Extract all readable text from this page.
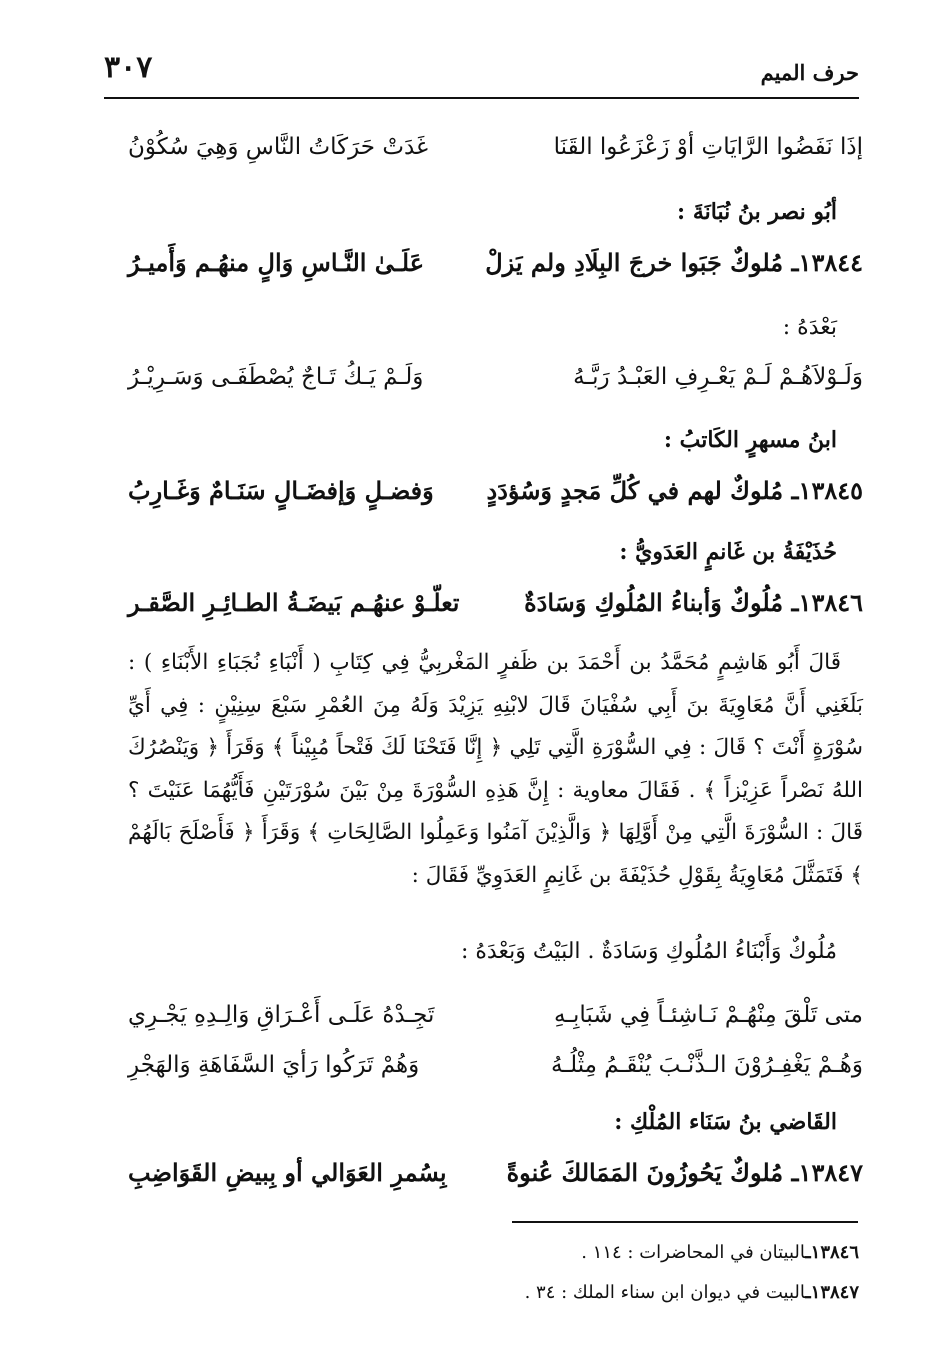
٣٠٧	حرف الميم
إذَا نَفَضُوا الرَّايَاتِ أوْ زَعْزَعُوا القَنَا
غَدَتْ حَرَكَاتُ النَّاسِ وَهِيَ سُكُوْنُ
أبُو نصر بنُ نُبَانَةَ :
١٣٨٤٤ـ مُلوكٌ جَبَوا خرجَ البِلَادِ ولم يَزلْ
عَلَـىٰ النَّـاسِ وَالٍ منهُـم وَأَميـرُ
بَعْدَهُ :
وَلَـوْلاَهُـمْ لَـمْ يَعْـرِفِ العَبْـدُ رَبَّـهُ
وَلَـمْ يَـكُ تَـاجٌ يُصْطَفَـى وَسَـرِيْـرُ
ابنُ مسهرٍ الكَاتبُ :
١٣٨٤٥ـ مُلوكٌ لهم في كُلِّ مَجدٍ وَسُؤدَدٍ
وَفضـلٍ وَإفضَـالٍ سَنَـامٌ وَغَـارِبُ
حُذَيْفَةُ بن غَانمٍ العَدَويُّ :
١٣٨٤٦ـ مُلُوكٌ وَأبناءُ المُلُوكِ وَسَادَةٌ
تعلّـوْ عنهُـم بَيضَـةُ الطـائِـرِ الصَّقـر

قَالَ أَبُو هَاشِمٍ مُحَمَّدُ بن أَحْمَدَ بن ظَفرٍ المَغْربِيُّ فِي كِتَابِ ( أَنْبَاءِ نُجَبَاءِ الأَبْنَاءِ ) : بَلَغَنِي أَنَّ مُعَاوِيَةَ بنَ أَبِي سُفْيَانَ قَالَ لابْنِهِ يَزِيْدَ وَلَهُ مِنَ العُمْرِ سَبْعَ سِنِيْنٍ : فِي أَيِّ سُوْرَةٍ أَنْتَ ؟ قَالَ : فِي السُّوْرَةِ الَّتِي تَلِي ﴿ إِنَّا فَتَحْنَا لَكَ فَتْحاً مُبِيْناً ﴾ وَقَرَأَ ﴿ وَيَنْصُرُكَ اللهُ نَصْراً عَزِيْزاً ﴾ . فَقَالَ معاوية : إِنَّ هَذِهِ السُّوْرَةَ مِنْ بَيْنَ سُوْرَتَيْنِ فَأَيُّهُمَا عَنَيْتَ ؟ قَالَ : السُّوْرَةَ الَّتِي مِنْ أَوَّلِهَا ﴿ وَالَّذِيْنَ آمَنُوا وَعَمِلُوا الصَّالِحَاتِ ﴾ وَقَرَأَ ﴿ فَأَصْلَحَ بَالَهُمْ ﴾ فَتَمَثَّلَ مُعَاوِيَةُ بِقَوْلِ حُذَيْفَةَ بن غَانِمٍ العَدَوِيِّ فَقَالَ :

مُلُوكٌ وَأَبْنَاءُ المُلُوكِ وَسَادَةٌ . البَيْتُ وَبَعْدَهُ :
متى تَلْقَ مِنْهُـمْ نَـاشِئـاً فِي شَبَابِـهِ
تَجِـدْهُ عَلَـى أَعْـرَاقِ وَالِـدِهِ يَجْـرِي
وَهُـمْ يَغْفِـرُوْنَ الـذَّنْـبَ يُنْقَـمُ مِثْلُـهُ
وَهُمْ تَرَكُوا رَأيَ السَّفَاهَةِ وَالهَجْرِ
القَاضي بنُ سَنَاء المُلْكِ :
١٣٨٤٧ـ مُلوكٌ يَحُوزُونَ المَمَالكَ عُنوةً
بِسُمرِ العَوَالي أو بِبيضِ القَوَاضِبِ
١٣٨٤٦ـالبيتان في المحاضرات : ١١٤ .
١٣٨٤٧ـالبيت في ديوان ابن سناء الملك : ٣٤ .
